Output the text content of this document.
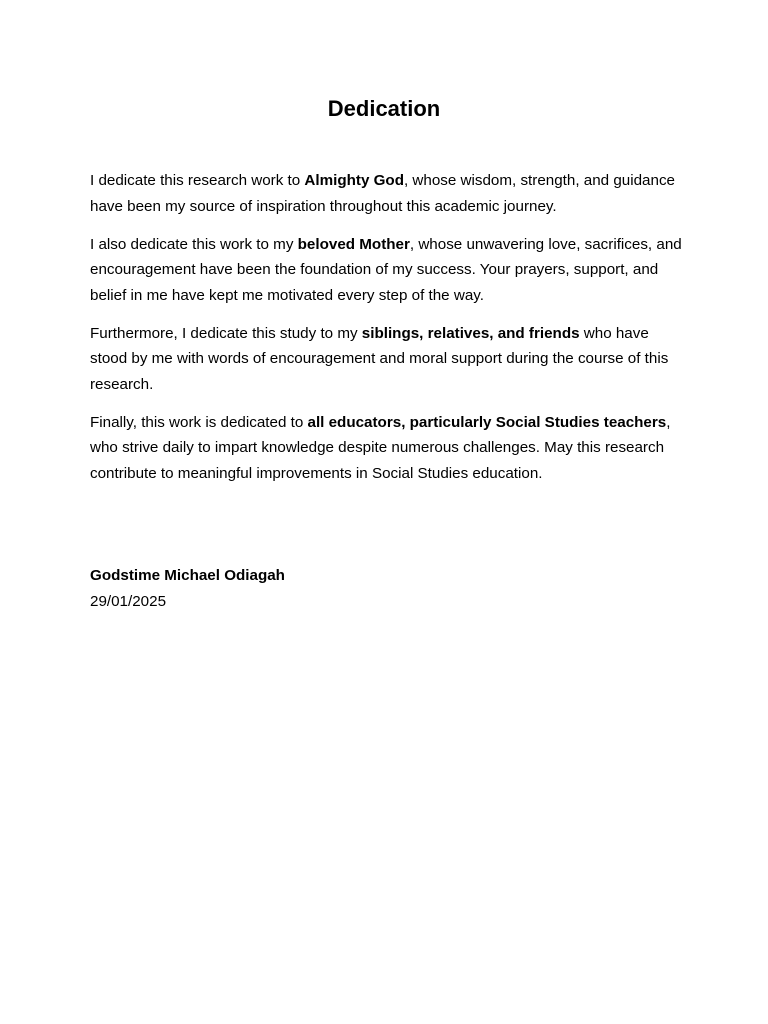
Dedication

I dedicate this research work to Almighty God, whose wisdom, strength, and guidance have been my source of inspiration throughout this academic journey.

I also dedicate this work to my beloved Mother, whose unwavering love, sacrifices, and encouragement have been the foundation of my success. Your prayers, support, and belief in me have kept me motivated every step of the way.

Furthermore, I dedicate this study to my siblings, relatives, and friends who have stood by me with words of encouragement and moral support during the course of this research.

Finally, this work is dedicated to all educators, particularly Social Studies teachers, who strive daily to impart knowledge despite numerous challenges. May this research contribute to meaningful improvements in Social Studies education.

Godstime Michael Odiagah
29/01/2025
